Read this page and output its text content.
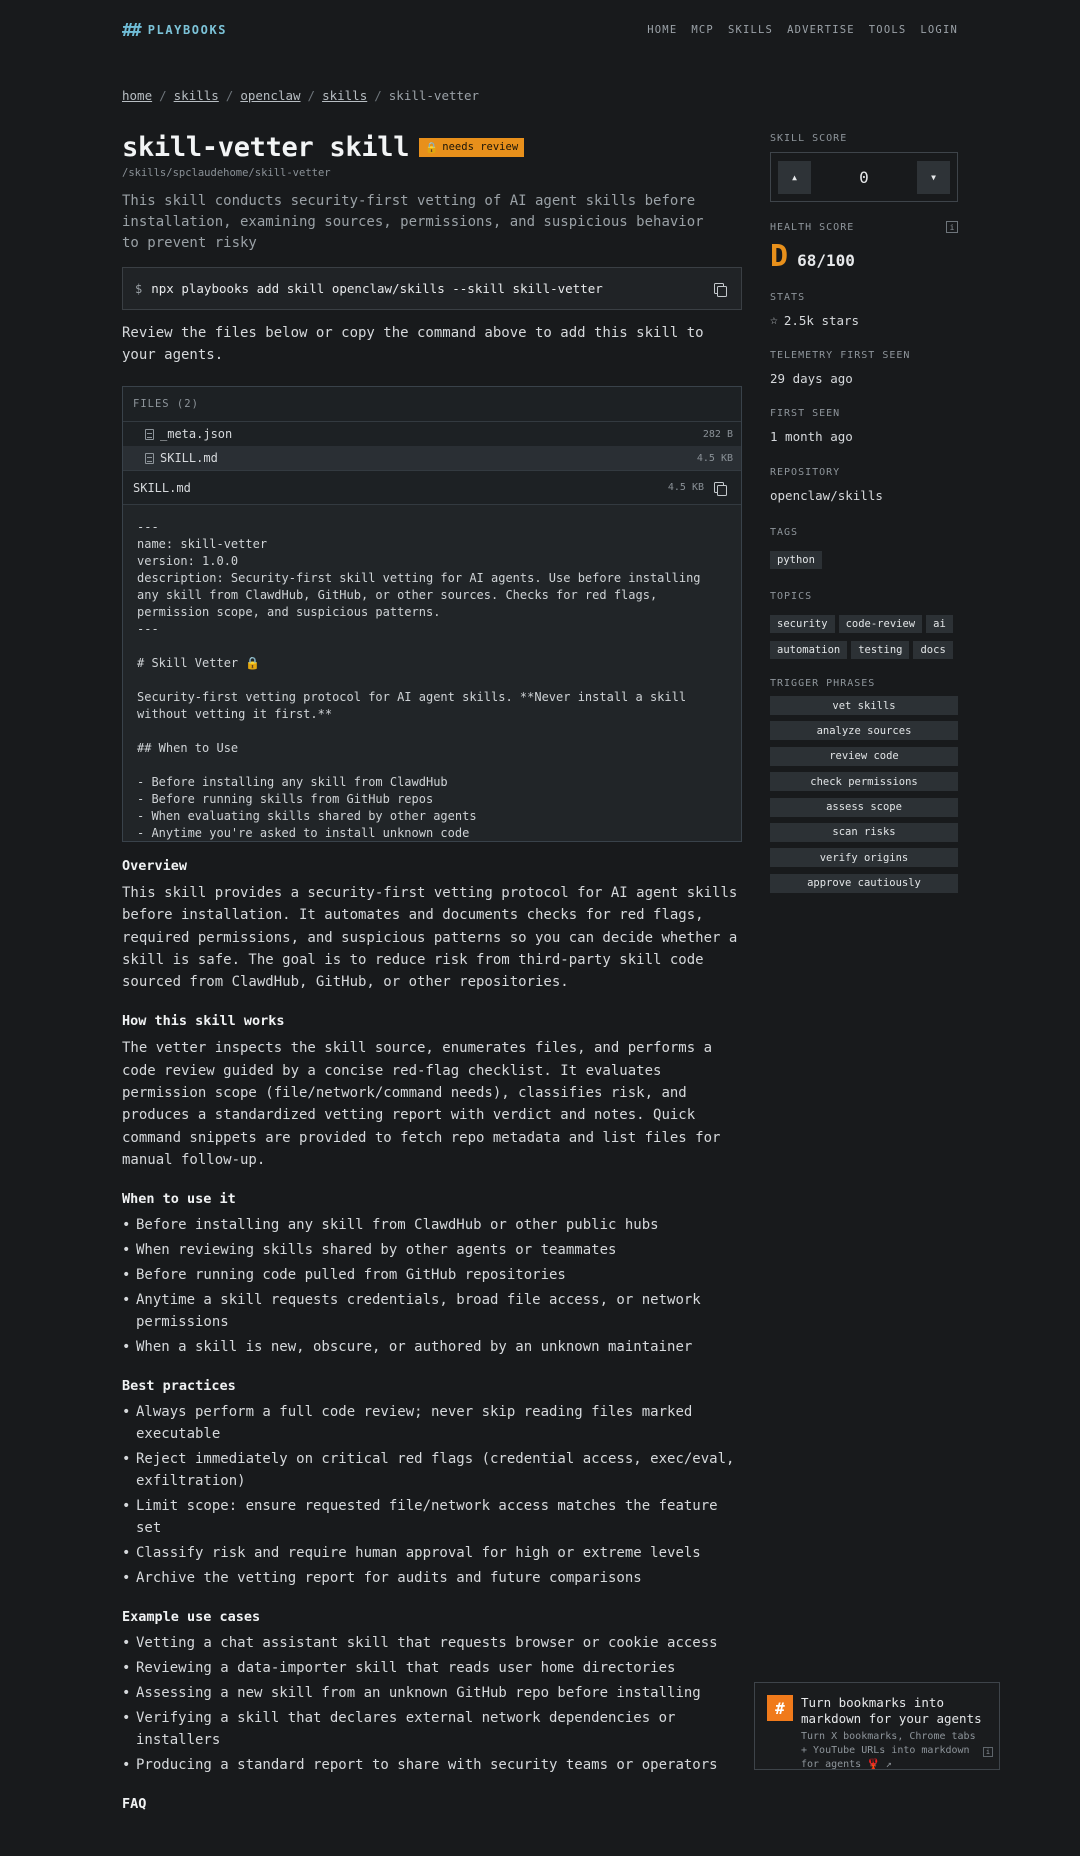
## PLAYBOOKS	HOME MCP SKILLS ADVERTISE TOOLS LOGIN
home / skills / openclaw / skills / skill-vetter
skill-vetter skill 🔒 needs review
/skills/spclaudehome/skill-vetter

This skill conducts security-first vetting of AI agent skills before installation, examining sources, permissions, and suspicious behavior to prevent risky

$ npx playbooks add skill openclaw/skills --skill skill-vetter

Review the files below or copy the command above to add this skill to your agents.

FILES (2)
_meta.json	282 B
SKILL.md	4.5 KB
SKILL.md	4.5 KB
---
name: skill-vetter
version: 1.0.0
description: Security-first skill vetting for AI agents. Use before installing any skill from ClawdHub, GitHub, or other sources. Checks for red flags, permission scope, and suspicious patterns.
---

# Skill Vetter 🔒

Security-first vetting protocol for AI agent skills. **Never install a skill without vetting it first.**

## When to Use

- Before installing any skill from ClawdHub
- Before running skills from GitHub repos
- When evaluating skills shared by other agents
- Anytime you're asked to install unknown code
Overview

This skill provides a security-first vetting protocol for AI agent skills before installation. It automates and documents checks for red flags, required permissions, and suspicious patterns so you can decide whether a skill is safe. The goal is to reduce risk from third-party skill code sourced from ClawdHub, GitHub, or other repositories.

How this skill works

The vetter inspects the skill source, enumerates files, and performs a code review guided by a concise red-flag checklist. It evaluates permission scope (file/network/command needs), classifies risk, and produces a standardized vetting report with verdict and notes. Quick command snippets are provided to fetch repo metadata and list files for manual follow-up.

When to use it
• Before installing any skill from ClawdHub or other public hubs
• When reviewing skills shared by other agents or teammates
• Before running code pulled from GitHub repositories
• Anytime a skill requests credentials, broad file access, or network permissions
• When a skill is new, obscure, or authored by an unknown maintainer
Best practices
• Always perform a full code review; never skip reading files marked executable
• Reject immediately on critical red flags (credential access, exec/eval, exfiltration)
• Limit scope: ensure requested file/network access matches the feature set
• Classify risk and require human approval for high or extreme levels
• Archive the vetting report for audits and future comparisons
Example use cases
• Vetting a chat assistant skill that requests browser or cookie access
• Reviewing a data-importer skill that reads user home directories
• Assessing a new skill from an unknown GitHub repo before installing
• Verifying a skill that declares external network dependencies or installers
• Producing a standard report to share with security teams or operators
FAQ
SKILL SCORE
▲	0	▼
HEALTH SCORE	i
D 68/100
STATS
☆ 2.5k stars
TELEMETRY FIRST SEEN
29 days ago
FIRST SEEN
1 month ago
REPOSITORY
openclaw/skills
TAGS
python
TOPICS
security code-review aiautomation testing docs
TRIGGER PHRASES
vet skills
analyze sources
review code
check permissions
assess scope
scan risks
verify origins
approve cautiously
#	Turn bookmarks into markdown for your agents
Turn X bookmarks, Chrome tabs + YouTube URLs into markdown for agents 🦞 ↗
i
